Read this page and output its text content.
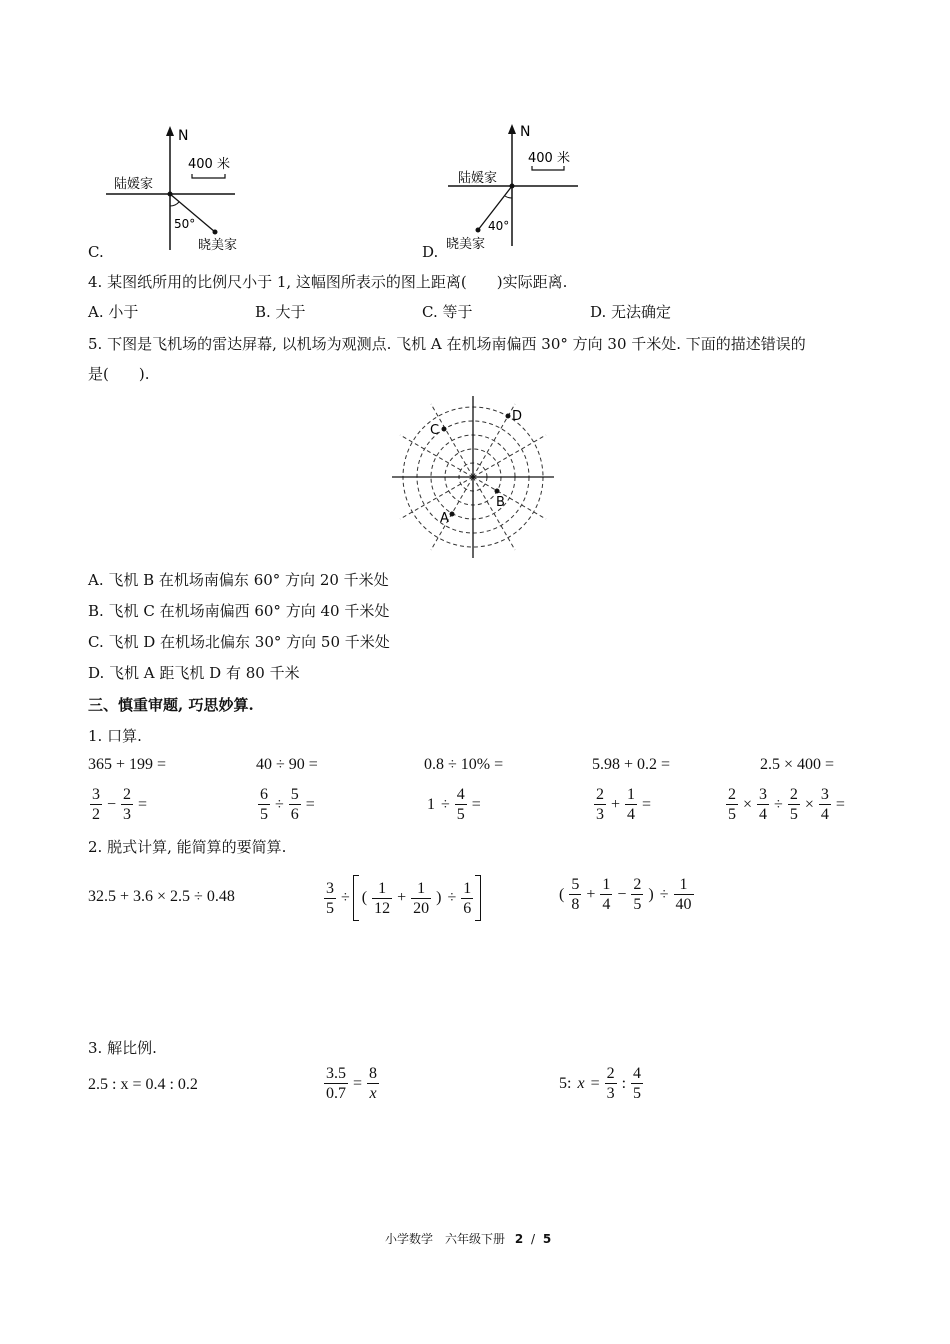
C.
N
400 米
陆媛家
50°
晓美家	D.
N
400 米
陆媛家
40°
晓美家
4. 某图纸所用的比例尺小于 1, 这幅图所表示的图上距离(　　)实际距离.
A. 小于	B. 大于	C. 等于	D. 无法确定
5. 下图是飞机场的雷达屏幕, 以机场为观测点. 飞机 A 在机场南偏西 30° 方向 30 千米处. 下面的描述错误的
是(　　).
D
C
B
A
A. 飞机 B 在机场南偏东 60° 方向 20 千米处
B. 飞机 C 在机场南偏西 60° 方向 40 千米处
C. 飞机 D 在机场北偏东 30° 方向 50 千米处
D. 飞机 A 距飞机 D 有 80 千米
三、慎重审题, 巧思妙算.
1. 口算.
365 + 199 =	40 ÷ 90 =	0.8 ÷ 10% =	5.98 + 0.2 =	2.5 × 400 =
$\frac{3}{2} - \frac{2}{3}$ =	$\frac{6}{5} \div \frac{5}{6}$ =	$1 \div \frac{4}{5}$ =	$\frac{2}{3} + \frac{1}{4}$ =	$\frac{2}{5} \times \frac{3}{4} \div \frac{2}{5} \times \frac{3}{4}$ =
2. 脱式计算, 能简算的要简算.
32.5 + 3.6 × 2.5 ÷ 0.48	$\frac{3}{5}$ ÷ ( $\frac{1}{12} + \frac{1}{20}$ ) ÷ $\frac{1}{6}$	( $\frac{5}{8} + \frac{1}{4} - \frac{2}{5}$ ) ÷ $\frac{1}{40}$
3. 解比例.
2.5 : x = 0.4 : 0.2	$\frac{3.5}{0.7} = \frac{8}{x}$	5: $x = \frac{2}{3}$ : $\frac{4}{5}$
小学数学　六年级下册 2 / 5
